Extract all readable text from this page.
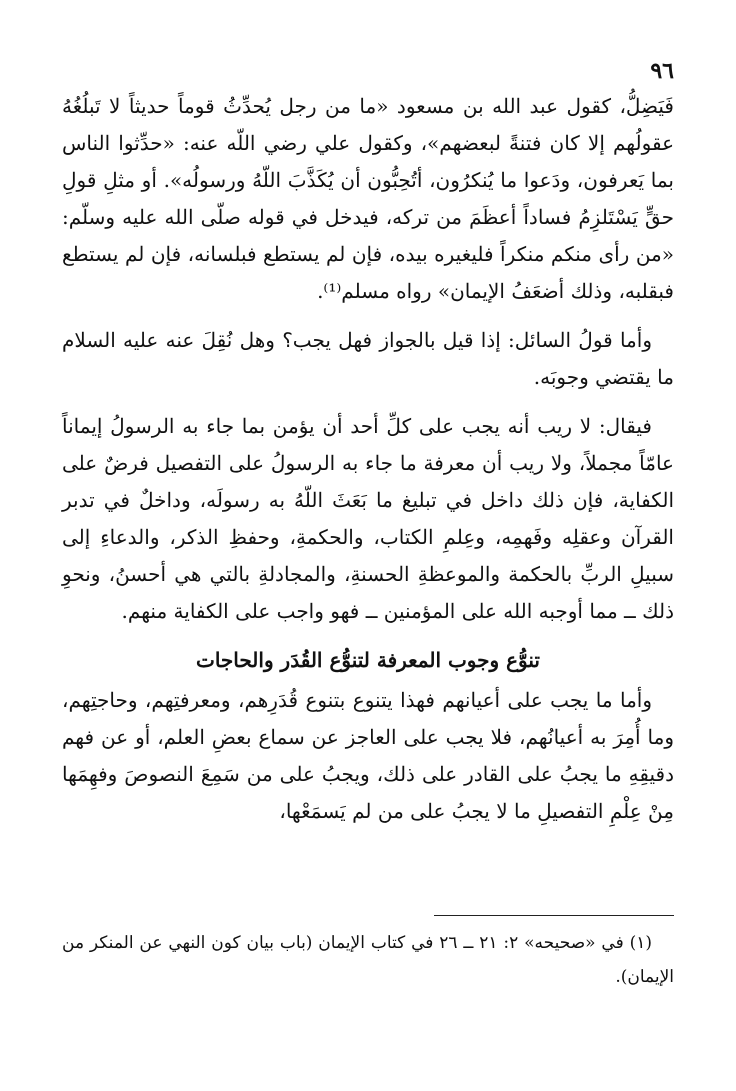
٩٦

فَيَضِلُّ، كقول عبد الله بن مسعود «ما من رجل يُحدِّثُ قوماً حديثاً لا تَبلُغُهُ عقولُهم إلا كان فتنةً لبعضهم»، وكقول علي رضي اللّه عنه: «حدِّثوا الناس بما يَعرفون، ودَعوا ما يُنكرُون، أتُحِبُّون أن يُكَذَّبَ اللّهُ ورسولُه». أو مثلِ قولِ حقٍّ يَسْتَلزِمُ فساداً أعظَمَ من تركه، فيدخل في قوله صلّى الله عليه وسلّم: «من رأى منكم منكراً فليغيره بيده، فإن لم يستطع فبلسانه، فإن لم يستطع فبقلبه، وذلك أضعَفُ الإيمان» رواه مسلم⁽¹⁾.

وأما قولُ السائل: إذا قيل بالجواز فهل يجب؟ وهل نُقِلَ عنه عليه السلام ما يقتضي وجوبَه.

فيقال: لا ريب أنه يجب على كلِّ أحد أن يؤمن بما جاء به الرسولُ إيماناً عامّاً مجملاً، ولا ريب أن معرفة ما جاء به الرسولُ على التفصيل فرضٌ على الكفاية، فإن ذلك داخل في تبليغ ما بَعَثَ اللّهُ به رسولَه، وداخلٌ في تدبر القرآن وعقلِه وفَهمِه، وعِلمِ الكتاب، والحكمةِ، وحفظِ الذكر، والدعاءِ إلى سبيلِ الربِّ بالحكمة والموعظةِ الحسنةِ، والمجادلةِ بالتي هي أحسنُ، ونحوِ ذلك ــ مما أوجبه الله على المؤمنين ــ فهو واجب على الكفاية منهم.

تنوُّع وجوب المعرفة لتنوُّع القُدَر والحاجات

وأما ما يجب على أعيانهم فهذا يتنوع بتنوع قُدَرِهم، ومعرفتِهم، وحاجتِهم، وما أُمِرَ به أعيانُهم، فلا يجب على العاجز عن سماع بعضِ العلم، أو عن فهم دقيقِهِ ما يجبُ على القادر على ذلك، ويجبُ على من سَمِعَ النصوصَ وفهِمَها مِنْ عِلْمِ التفصيلِ ما لا يجبُ على من لم يَسمَعْها،

(١) في «صحيحه» ٢: ٢١ ــ ٢٦ في كتاب الإيمان (باب بيان كون النهي عن المنكر من الإيمان).
